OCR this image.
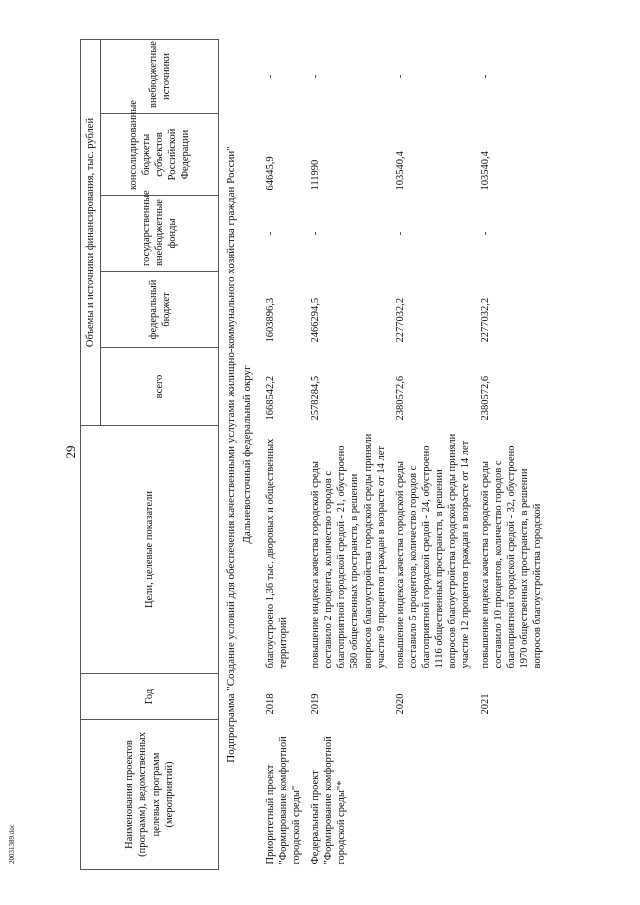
29
20031389.doc	Наименования проектов (программ), ведомственных целевых программ (мероприятий)	Год	Цели, целевые показатели	Объемы и источники финансирования, тыс. рублей				
			всего	федеральный бюджет	государственные внебюджетные фонды	консолидированные бюджеты субъектов Российской Федерации	внебюджетные источники
Подпрограмма "Создание условий для обеспечения качественными услугами жилищно-коммунального хозяйства граждан России"							
Дальневосточный федеральный округ							
Приоритетный проект "Формирование комфортной городской среды"	2018	благоустроено 1,36 тыс. дворовых и общественных территорий	1668542,2	1603896,3	-	64645,9	-
Федеральный проект "Формирование комфортной городской среды"*	2019	повышение индекса качества городской среды составило 2 процента, количество городов с благоприятной городской средой - 21, обустроено 580 общественных пространств, в решении вопросов благоустройства городской среды приняли участие 9 процентов граждан в возрасте от 14 лет	2578284,5	2466294,5	-	111990	-
	2020	повышение индекса качества городской среды составило 5 процентов, количество городов с благоприятной городской средой - 24, обустроено 1116 общественных пространств, в решении вопросов благоустройства городской среды приняли участие 12 процентов граждан в возрасте от 14 лет	2380572,6	2277032,2	-	103540,4	-
	2021	повышение индекса качества городской среды составило 10 процентов, количество городов с благоприятной городской средой - 32, обустроено 1970 общественных пространств, в решении вопросов благоустройства городской	2380572,6	2277032,2	-	103540,4	-
